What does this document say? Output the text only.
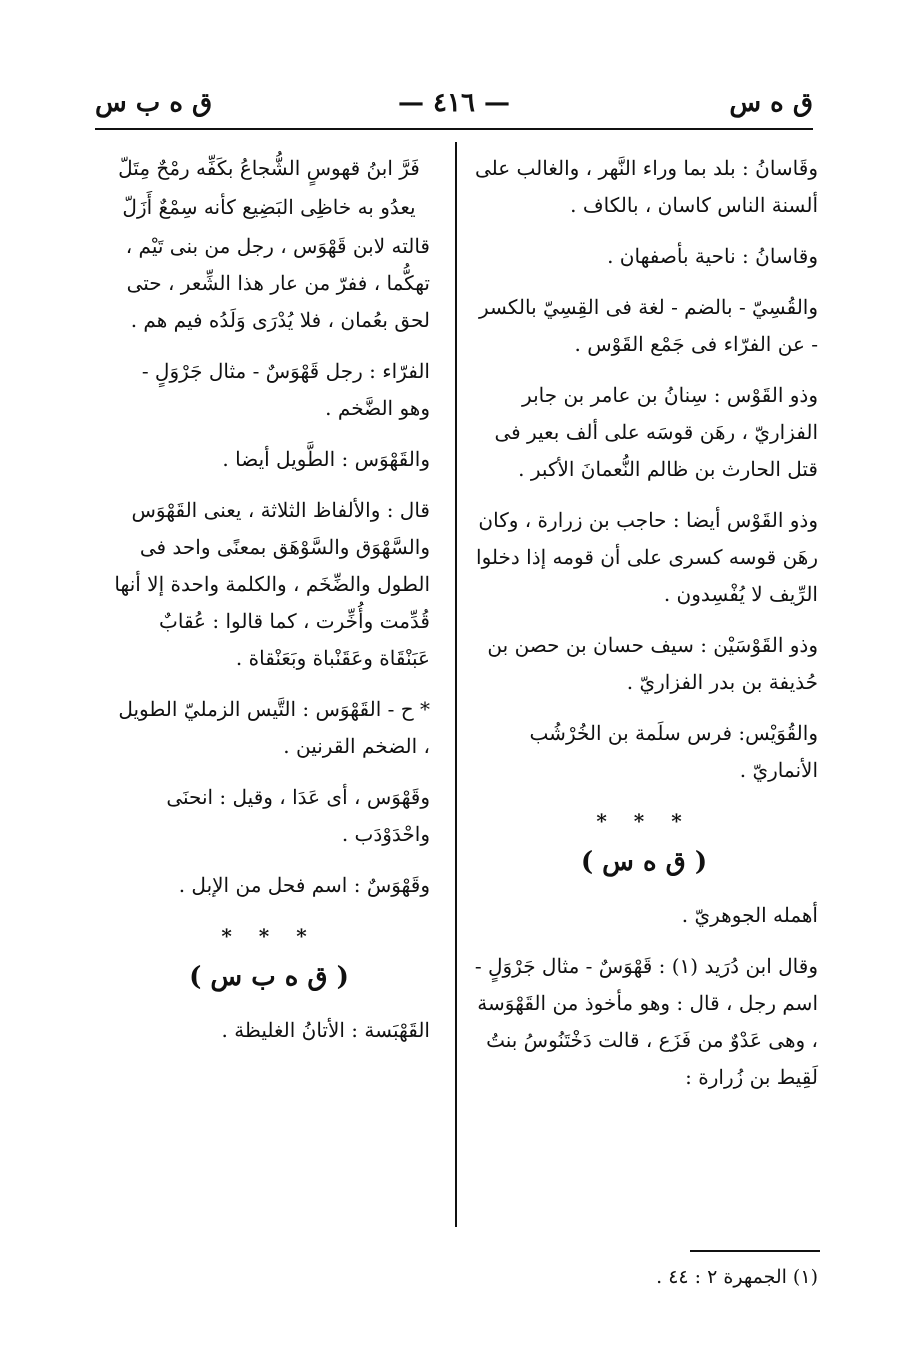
ق ه س
— ٤١٦ —
ق ه ب س

وقَاسانُ : بلد بما وراء النَّهر ، والغالب على ألسنة الناس كاسان ، بالكاف .

وقاسانُ : ناحية بأصفهان .

والقُسِيّ - بالضم - لغة فى القِسِيّ بالكسر - عن الفرّاء فى جَمْع القَوْس .

وذو القَوْس : سِنانُ بن عامر بن جابر الفزاريّ ، رهَن قوسَه على ألف بعير فى قتل الحارث بن ظالم النُّعمانَ الأكبر .

وذو القَوْس أيضا : حاجب بن زرارة ، وكان رهَن قوسه كسرى على أن قومه إذا دخلوا الرِّيف لا يُفْسِدون .

وذو القَوْسَيْن : سيف حسان بن حصن بن حُذيفة بن بدر الفزاريّ .

والقُوَيْس: فرس سلَمة بن الخُرْشُب الأنماريّ .

* * *

( ق ه س )

أهمله الجوهريّ .

وقال ابن دُرَيد (١) : قَهْوَسٌ - مثال جَرْوَلٍ - اسم رجل ، قال : وهو مأخوذ من القَهْوَسة ، وهى عَدْوٌ من فَزَع ، قالت دَخْتَنُوسُ بنتُ لَقِيط بن زُرارة :

فَرَّ ابنُ قهوسٍ الشُّجاعُ بكَفِّه رمْحٌ مِتَلّ

يعدُو به خاظِى البَضِيع كأنه سِمْعٌ أَزَلّ

قالته لابن قَهْوَس ، رجل من بنى تَيْم ، تهكُّما ، ففرّ من عار هذا الشِّعر ، حتى لحق بعُمان ، فلا يُدْرَى وَلَدُه فيم هم .

الفرّاء : رجل قَهْوَسٌ - مثال جَرْوَلٍ - وهو الضَّخم .

والقَهْوَس : الطَّويل أيضا .

قال : والألفاظ الثلاثة ، يعنى القَهْوَس والسَّهْوَق والسَّوْهَق بمعنًى واحد فى الطول والضِّخَم ، والكلمة واحدة إلا أنها قُدِّمت وأُخِّرت ، كما قالوا : عُقابٌ عَبَنْقَاة وعَقَنْباة وبَعَنْقاة .

* ح - القَهْوَس : التَّيس الزمليّ الطويل ، الضخم القرنين .

وقَهْوَس ، أى عَدَا ، وقيل : انحنَى واحْدَوْدَب .

وقَهْوَسٌ : اسم فحل من الإبل .

* * *

( ق ه ب س )

القَهْبَسة : الأتانُ الغليظة .

(١) الجمهرة ٢ : ٤٤ .
